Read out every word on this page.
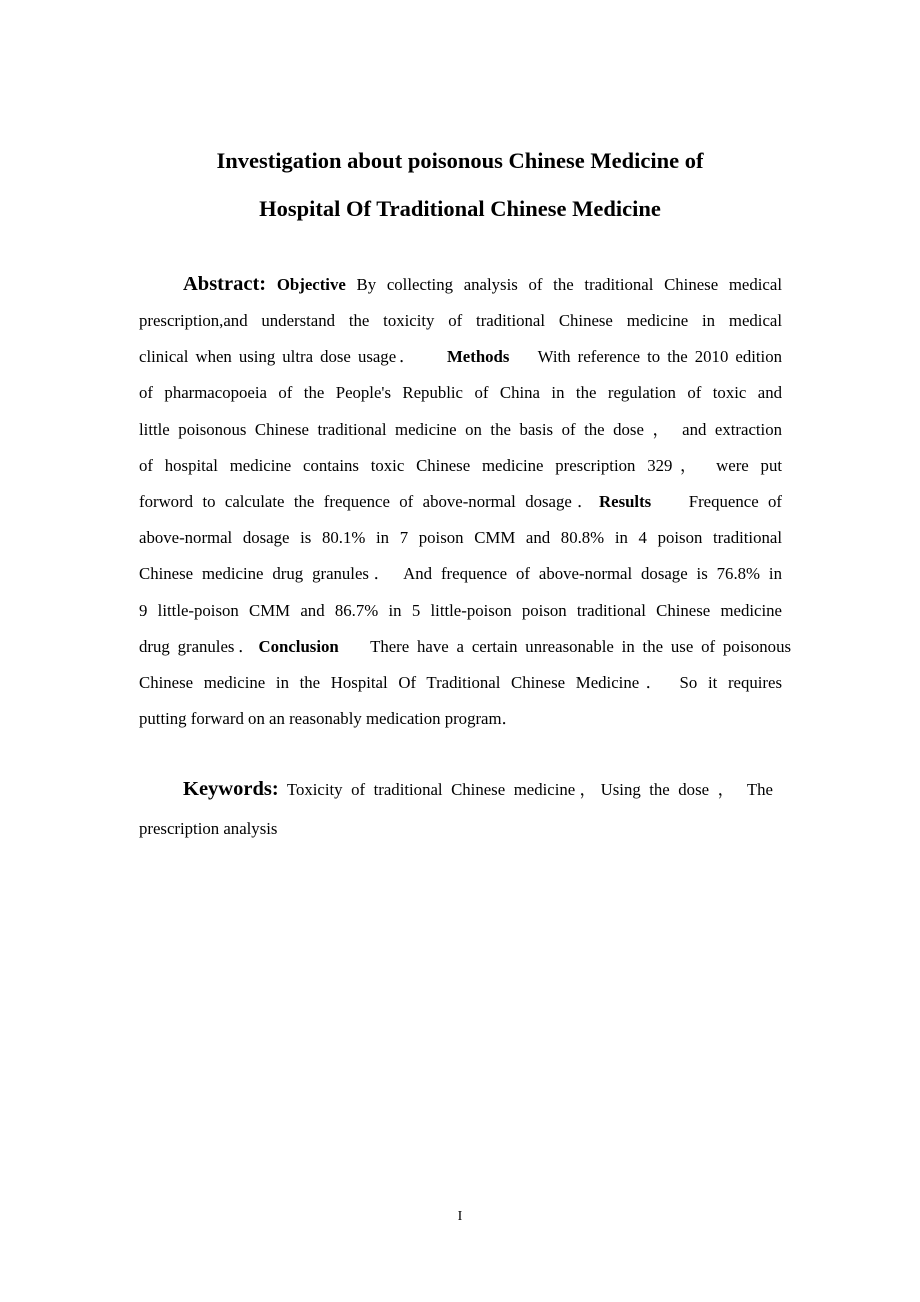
Investigation about poisonous Chinese Medicine of
Hospital Of Traditional Chinese Medicine
Abstract: Objective By collecting analysis of the traditional Chinese medical
prescription,and understand the toxicity of traditional Chinese medicine in medical
clinical when using ultra dose usage． Methods With reference to the 2010 edition
of pharmacopoeia of the People's Republic of China in the regulation of toxic and
little poisonous Chinese traditional medicine on the basis of the dose ， and extraction
of hospital medicine contains toxic Chinese medicine prescription 329， were put
forword to calculate the frequence of above-normal dosage．Results Frequence of
above-normal dosage is 80.1% in 7 poison CMM and 80.8% in 4 poison traditional
Chinese medicine drug granules． And frequence of above-normal dosage is 76.8% in
9 little-poison CMM and 86.7% in 5 little-poison poison traditional Chinese medicine
drug granules．Conclusion There have a certain unreasonable in the use of poisonous
Chinese medicine in the Hospital Of Traditional Chinese Medicine． So it requires
putting forward on an reasonably medication program．
Keywords: Toxicity of traditional Chinese medicine，Using the dose ， The
prescription analysis
I
